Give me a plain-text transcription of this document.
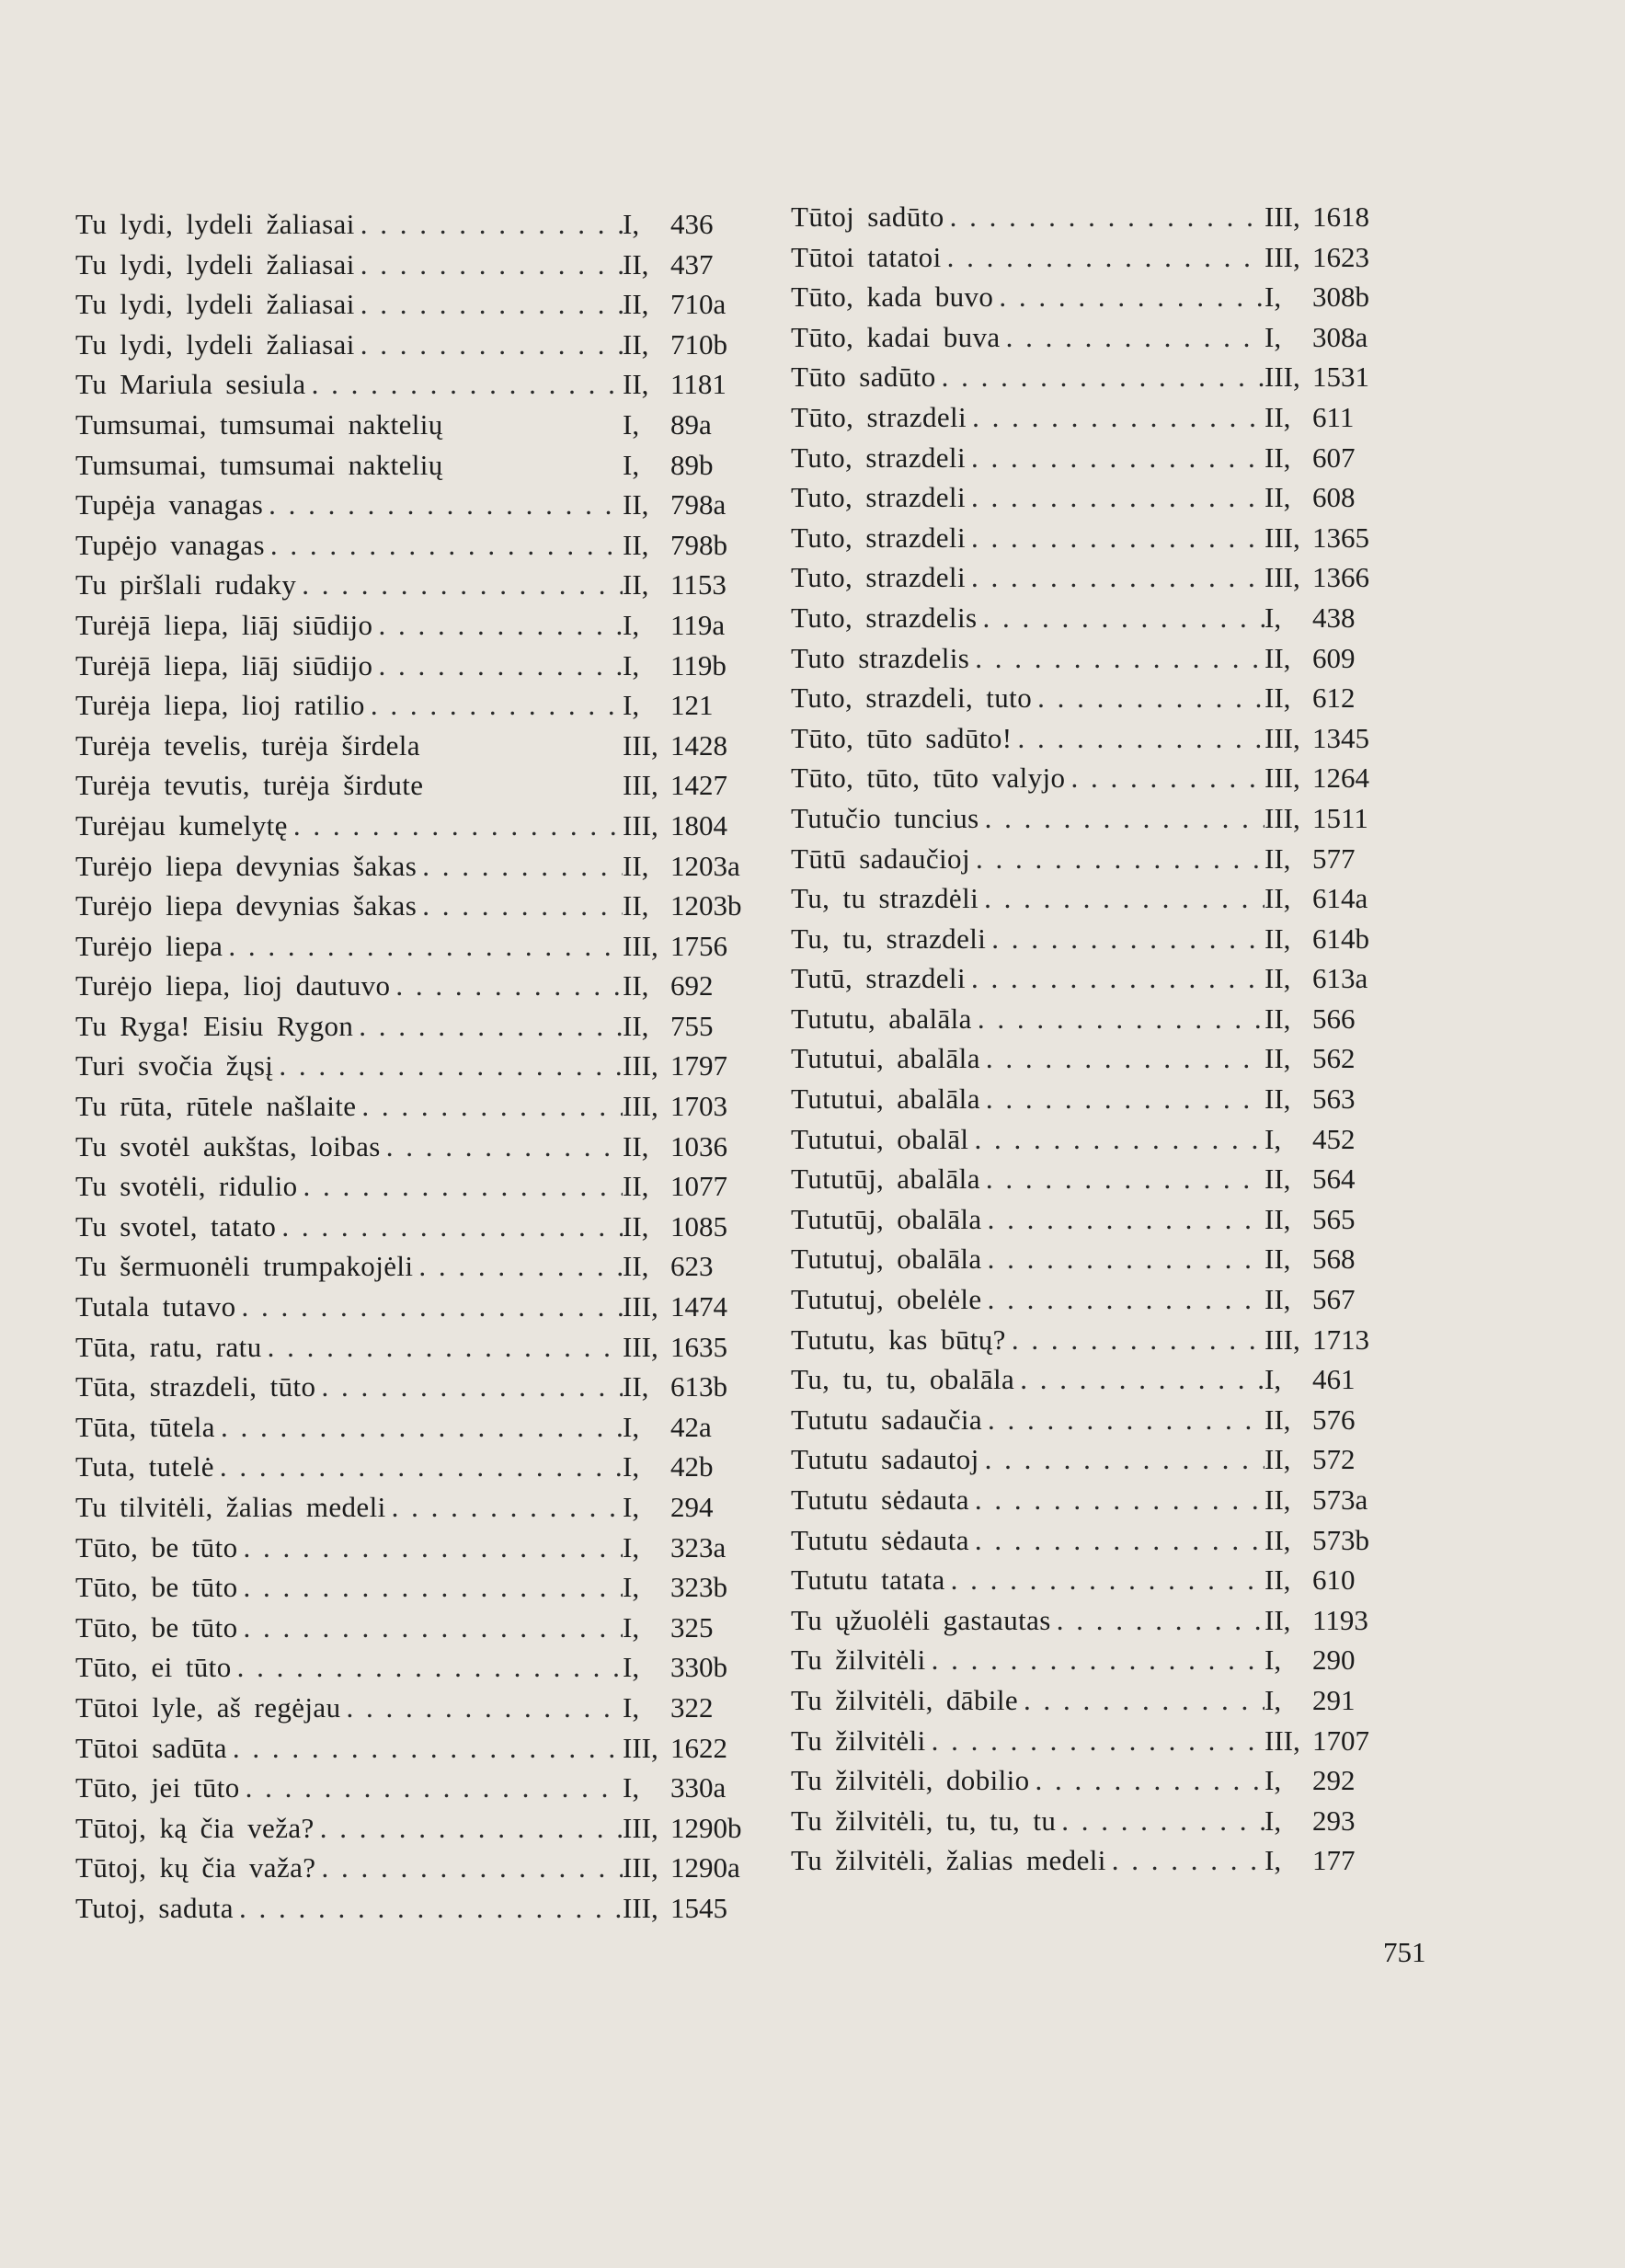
Tu lydi, lydeli žaliasai . . .	I, 436
Tu lydi, lydeli žaliasai . . .	II, 437
Tu lydi, lydeli žaliasai . . .	II, 710a
Tu lydi, lydeli žaliasai . . .	II, 710b
Tu Mariula sesiula . . .	II, 1181
Tumsumai, tumsumai naktelių	I, 89a
Tumsumai, tumsumai naktelių	I, 89b
Tupėja vanagas . . .	II, 798a
Tupėjo vanagas . . .	II, 798b
Tu piršlali rudaky . . .	II, 1153
Turėjā liepa, liāj siūdijo . . .	I, 119a
Turėjā liepa, liāj siūdijo . . .	I, 119b
Turėja liepa, lioj ratilio . . .	I, 121
Turėja tevelis, turėja širdela	III, 1428
Turėja tevutis, turėja širdute	III, 1427
Turėjau kumelytę . . .	III, 1804
Turėjo liepa devynias šakas . . .	II, 1203a
Turėjo liepa devynias šakas . . .	II, 1203b
Turėjo liepa . . .	III, 1756
Turėjo liepa, lioj dautuvo . . .	II, 692
Tu Ryga! Eisiu Rygon . . .	II, 755
Turi svočia žųsį . . .	III, 1797
Tu rūta, rūtele našlaite . . .	III, 1703
Tu svotėl aukštas, loibas . . .	II, 1036
Tu svotėli, ridulio . . .	II, 1077
Tu svotel, tatato . . .	II, 1085
Tu šermuonėli trumpakojėli . . .	II, 623
Tutala tutavo . . .	III, 1474
Tūta, ratu, ratu . . .	III, 1635
Tūta, strazdeli, tūto . . .	II, 613b
Tūta, tūtela . . .	I, 42a
Tuta, tutelė . . .	I, 42b
Tu tilvitėli, žalias medeli . . .	I, 294
Tūto, be tūto . . .	I, 323a
Tūto, be tūto . . .	I, 323b
Tūto, be tūto . . .	I, 325
Tūto, ei tūto . . .	I, 330b
Tūtoi lyle, aš regėjau . . .	I, 322
Tūtoi sadūta . . .	III, 1622
Tūto, jei tūto . . .	I, 330a
Tūtoj, ką čia veža? . . .	III, 1290b
Tūtoj, kų čia važa? . . .	III, 1290a
Tutoj, saduta . . .	III, 1545
Tūtoj sadūto . . .	III, 1618
Tūtoi tatatoi . . .	III, 1623
Tūto, kada buvo . . .	I, 308b
Tūto, kadai buva . . .	I, 308a
Tūto sadūto . . .	III, 1531
Tūto, strazdeli . . .	II, 611
Tuto, strazdeli . . .	II, 607
Tuto, strazdeli . . .	II, 608
Tuto, strazdeli . . .	III, 1365
Tuto, strazdeli . . .	III, 1366
Tuto, strazdelis . . .	I, 438
Tuto strazdelis . . .	II, 609
Tuto, strazdeli, tuto . . .	II, 612
Tūto, tūto sadūto! . . .	III, 1345
Tūto, tūto, tūto valyjo . . .	III, 1264
Tutučio tuncius . . .	III, 1511
Tūtū sadaučioj . . .	II, 577
Tu, tu strazdėli . . .	II, 614a
Tu, tu, strazdeli . . .	II, 614b
Tutū, strazdeli . . .	II, 613a
Tututu, abalāla . . .	II, 566
Tututui, abalāla . . .	II, 562
Tututui, abalāla . . .	II, 563
Tututui, obalāl . . .	I, 452
Tututūj, abalāla . . .	II, 564
Tututūj, obalāla . . .	II, 565
Tututuj, obalāla . . .	II, 568
Tututuj, obelėle . . .	II, 567
Tututu, kas būtų? . . .	III, 1713
Tu, tu, tu, obalāla . . .	I, 461
Tututu sadaučia . . .	II, 576
Tututu sadautoj . . .	II, 572
Tututu sėdauta . . .	II, 573a
Tututu sėdauta . . .	II, 573b
Tututu tatata . . .	II, 610
Tu ųžuolėli gastautas . . .	II, 1193
Tu žilvitėli . . .	I, 290
Tu žilvitėli, dābile . . .	I, 291
Tu žilvitėli . . .	III, 1707
Tu žilvitėli, dobilio . . .	I, 292
Tu žilvitėli, tu, tu, tu . . .	I, 293
Tu žilvitėli, žalias medeli . . .	I, 177
751
